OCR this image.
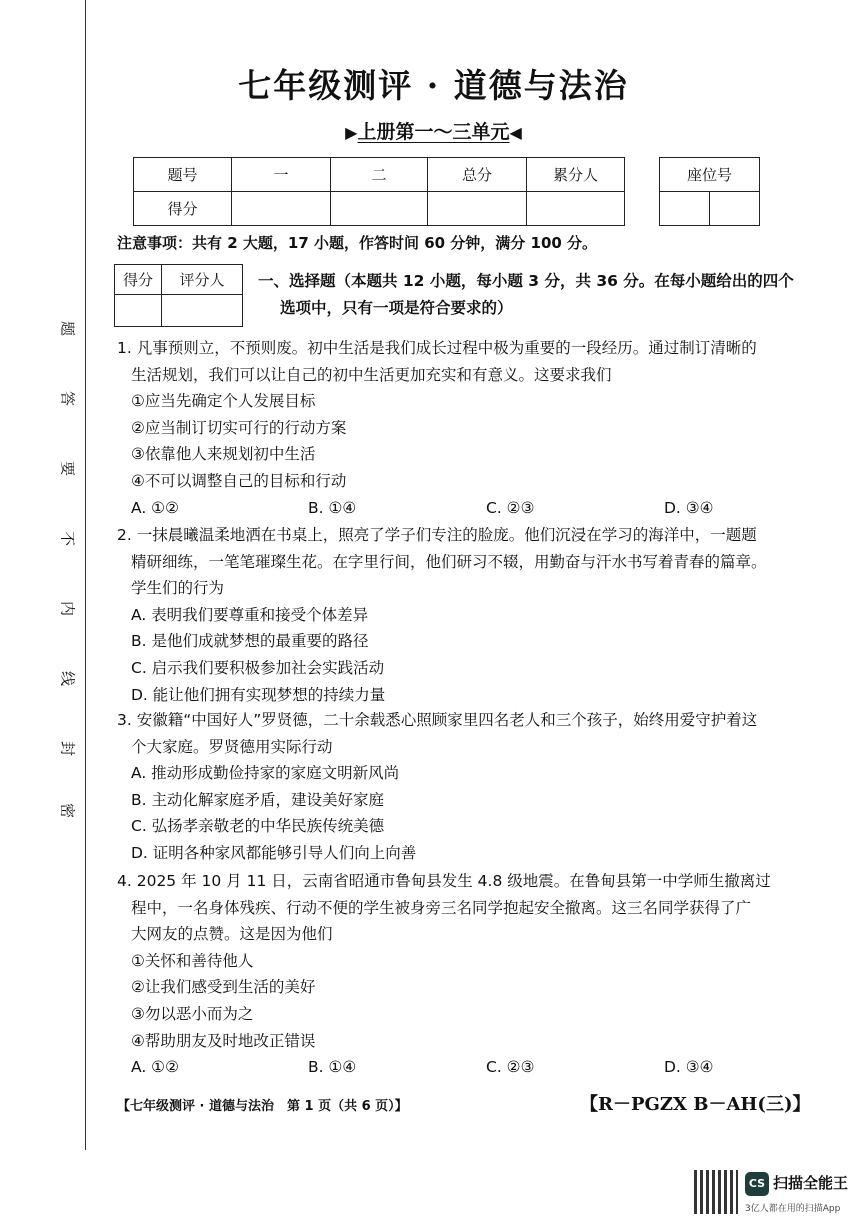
题
答
要
不
内
线
封
密
七年级测评 · 道德与法治
▶上册第一～三单元◀
题号	一	二	总分	累分人
得分				
座位号

注意事项：共有 2 大题，17 小题，作答时间 60 分钟，满分 100 分。
得分	评分人
	一、选择题（本题共 12 小题，每小题 3 分，共 36 分。在每小题给出的四个
选项中，只有一项是符合要求的）

1. 凡事预则立，不预则废。初中生活是我们成长过程中极为重要的一段经历。通过制订清晰的

生活规划，我们可以让自己的初中生活更加充实和有意义。这要求我们

①应当先确定个人发展目标

②应当制订切实可行的行动方案

③依靠他人来规划初中生活

④不可以调整自己的目标和行动

A. ①②	B. ①④	C. ②③	D. ③④

2. 一抹晨曦温柔地洒在书桌上，照亮了学子们专注的脸庞。他们沉浸在学习的海洋中，一题题

精研细练，一笔笔璀璨生花。在字里行间，他们研习不辍，用勤奋与汗水书写着青春的篇章。

学生们的行为

A. 表明我们要尊重和接受个体差异

B. 是他们成就梦想的最重要的路径

C. 启示我们要积极参加社会实践活动

D. 能让他们拥有实现梦想的持续力量

3. 安徽籍“中国好人”罗贤德，二十余载悉心照顾家里四名老人和三个孩子，始终用爱守护着这

个大家庭。罗贤德用实际行动

A. 推动形成勤俭持家的家庭文明新风尚

B. 主动化解家庭矛盾，建设美好家庭

C. 弘扬孝亲敬老的中华民族传统美德

D. 证明各种家风都能够引导人们向上向善

4. 2025 年 10 月 11 日，云南省昭通市鲁甸县发生 4.8 级地震。在鲁甸县第一中学师生撤离过

程中，一名身体残疾、行动不便的学生被身旁三名同学抱起安全撤离。这三名同学获得了广

大网友的点赞。这是因为他们

①关怀和善待他人

②让我们感受到生活的美好

③勿以恶小而为之

④帮助朋友及时地改正错误

A. ①②	B. ①④	C. ②③	D. ③④

【七年级测评 · 道德与法治　第 1 页（共 6 页）】	【R－PGZX B－AH(三)】
CS 扫描全能王
3亿人都在用的扫描App
